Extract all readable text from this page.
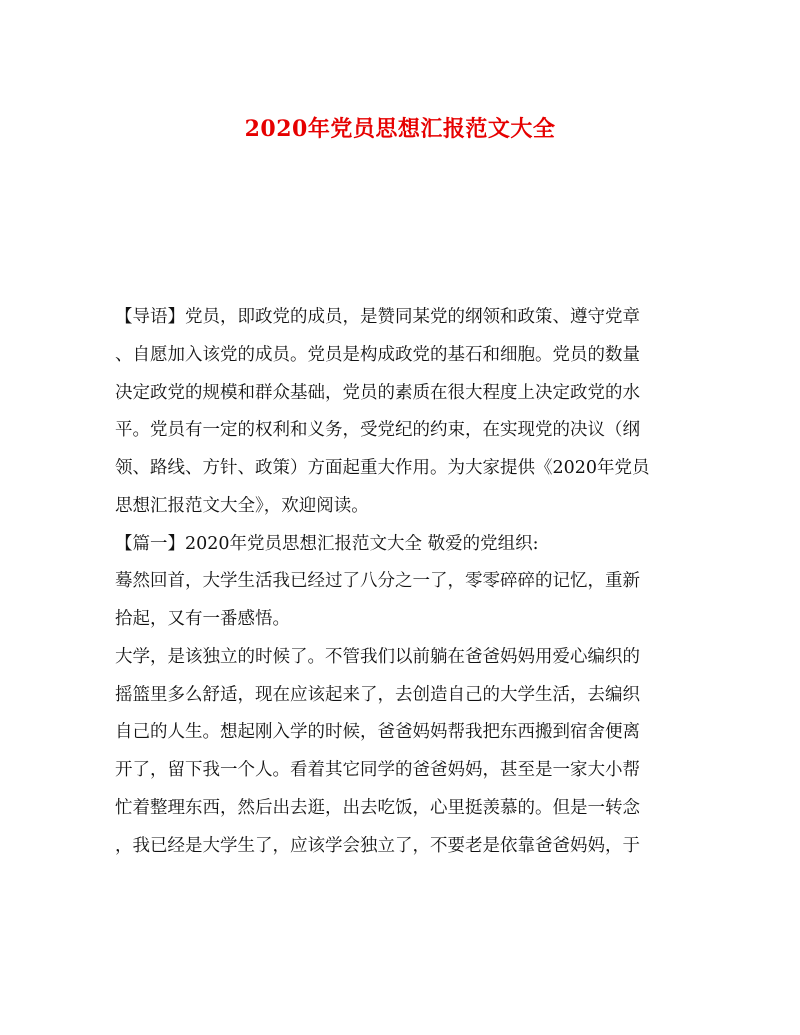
2020年党员思想汇报范文大全
【导语】党员，即政党的成员，是赞同某党的纲领和政策、遵守党章
、自愿加入该党的成员。党员是构成政党的基石和细胞。党员的数量
决定政党的规模和群众基础，党员的素质在很大程度上决定政党的水
平。党员有一定的权利和义务，受党纪的约束，在实现党的决议（纲
领、路线、方针、政策）方面起重大作用。为大家提供《2020年党员
思想汇报范文大全》，欢迎阅读。
【篇一】2020年党员思想汇报范文大全 敬爱的党组织:
蓦然回首，大学生活我已经过了八分之一了，零零碎碎的记忆，重新
拾起，又有一番感悟。
大学，是该独立的时候了。不管我们以前躺在爸爸妈妈用爱心编织的
摇篮里多么舒适，现在应该起来了，去创造自己的大学生活，去编织
自己的人生。想起刚入学的时候，爸爸妈妈帮我把东西搬到宿舍便离
开了，留下我一个人。看着其它同学的爸爸妈妈，甚至是一家大小帮
忙着整理东西，然后出去逛，出去吃饭，心里挺羡慕的。但是一转念
，我已经是大学生了，应该学会独立了，不要老是依靠爸爸妈妈，于
